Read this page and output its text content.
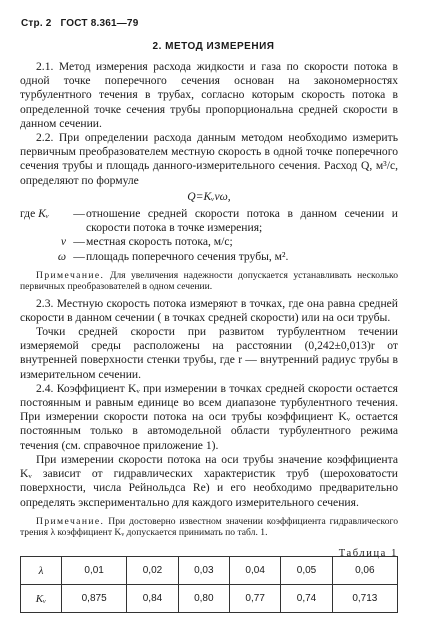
Стр. 2 ГОСТ 8.361—79
2. МЕТОД ИЗМЕРЕНИЯ

2.1. Метод измерения расхода жидкости и газа по скорости потока в одной точке поперечного сечения основан на закономерностях турбулентного течения в трубах, согласно которым скорость потока в определенной точке сечения трубы пропорциональна средней скорости в данном сечении.

2.2. При определении расхода данным методом необходимо измерить первичным преобразователем местную скорость в одной точке поперечного сечения трубы и площадь данного-измерительного сечения. Расход Q, м³/с, определяют по формуле

Q=Kᵥvω,
где Kᵥ	— отношение средней скорости потока в данном сечении и скорости потока в точке измерения;
v — местная скорость потока, м/с;
ω — площадь поперечного сечения трубы, м².

Примечание. Для увеличения надежности допускается устанавливать несколько первичных преобразователей в одном сечении.

2.3. Местную скорость потока измеряют в точках, где она равна средней скорости в данном сечении ( в точках средней скорости) или на оси трубы.

Точки средней скорости при развитом турбулентном течении измеряемой среды расположены на расстоянии (0,242±0,013)r от внутренней поверхности стенки трубы, где r — внутренний радиус трубы в измерительном сечении.

2.4. Коэффициент Kᵥ при измерении в точках средней скорости остается постоянным и равным единице во всем диапазоне турбулентного течения. При измерении скорости потока на оси трубы коэффициент Kᵥ остается постоянным только в автомодельной области турбулентного режима течения (см. справочное приложение 1).

При измерении скорости потока на оси трубы значение коэффициента Kᵥ зависит от гидравлических характеристик труб (шероховатости поверхности, числа Рейнольдса Re) и его необходимо предварительно определять экспериментально для каждого измерительного сечения.

Примечание. При достоверно известном значении коэффициента гидравлического трения λ коэффициент Kᵥ допускается принимать по табл. 1.

Таблица 1
λ	0,01	0,02	0,03	0,04	0,05	0,06
Kᵥ	0,875	0,84	0,80	0,77	0,74	0,713
